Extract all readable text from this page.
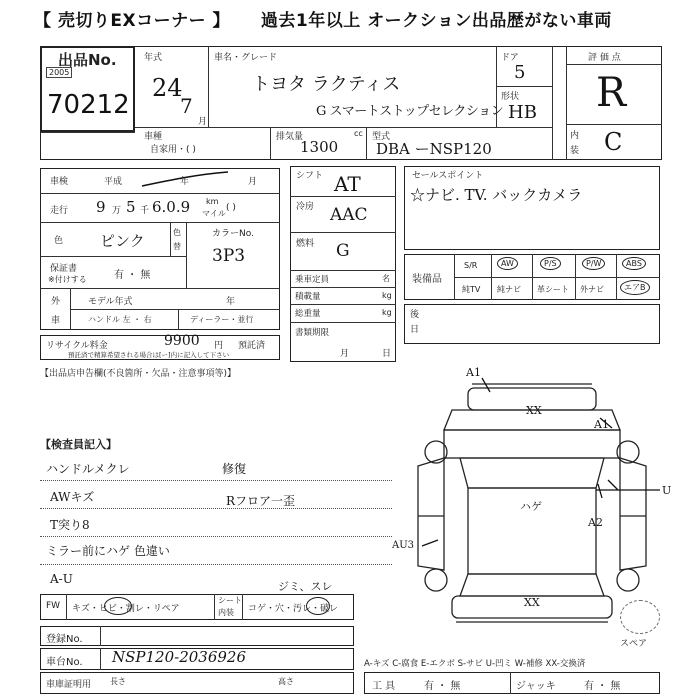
【 売切りEXコーナー 】 過去1年以上 オークション出品歴がない車両
出品No.
2005
70212
年式
24
7
月
車名・グレード
トヨタ ラクティス
G スマートストップセレクション
ドア
5
形状
HB
評 価 点
R
内
装 C
車種
自家用・( )
排気量
1300
cc 型式
DBA ーNSP120
車検	平成	年	月
走行 9 万 5 千 6.0.9 km
マイル
( )
色 ピンク	色
替
カラーNo.
3P3
保証書
※付けする	有 ・ 無
外
車
モデル年式	年
ハンドル 左 ・ 右	ディーラー・並行
リサイクル料金	9900 円 預託済
預託済で精算希望される場合は[ー]内に記入して下さい
【出品店申告欄(不良箇所・欠品・注意事項等)】
シフト AT
冷房 AAC
燃料 G
乗車定員	名
積載量	kg
総重量	kg
書類期限
月	日
セールスポイント
☆ナビ. TV. バックカメラ
装備品
S/R	AW	P/S	P/W	ABS
純TV 純ナビ 革シート 外ナビ	エアB
後
日
【検査員記入】
ハンドルメクレ
AWキズ
T突り8
ミラー前にハゲ 色違い
A-U
修復
Rフロア一歪
A1
XX
A1
U
A2
ハゲ
AU3
XX
スペア
FW キズ・ヒビ・割レ・リペア
シート
内装 コゲ・穴・汚レ・破レ
ジミ、スレ
登録No.
車台No. NSP120-2036926	A-キズ C-腐食 E-エクボ S-サビ U-凹ミ W-補修 XX-交換済
工 具	有 ・ 無	ジャッキ	有 ・ 無
車庫証明用 長さ	高さ
